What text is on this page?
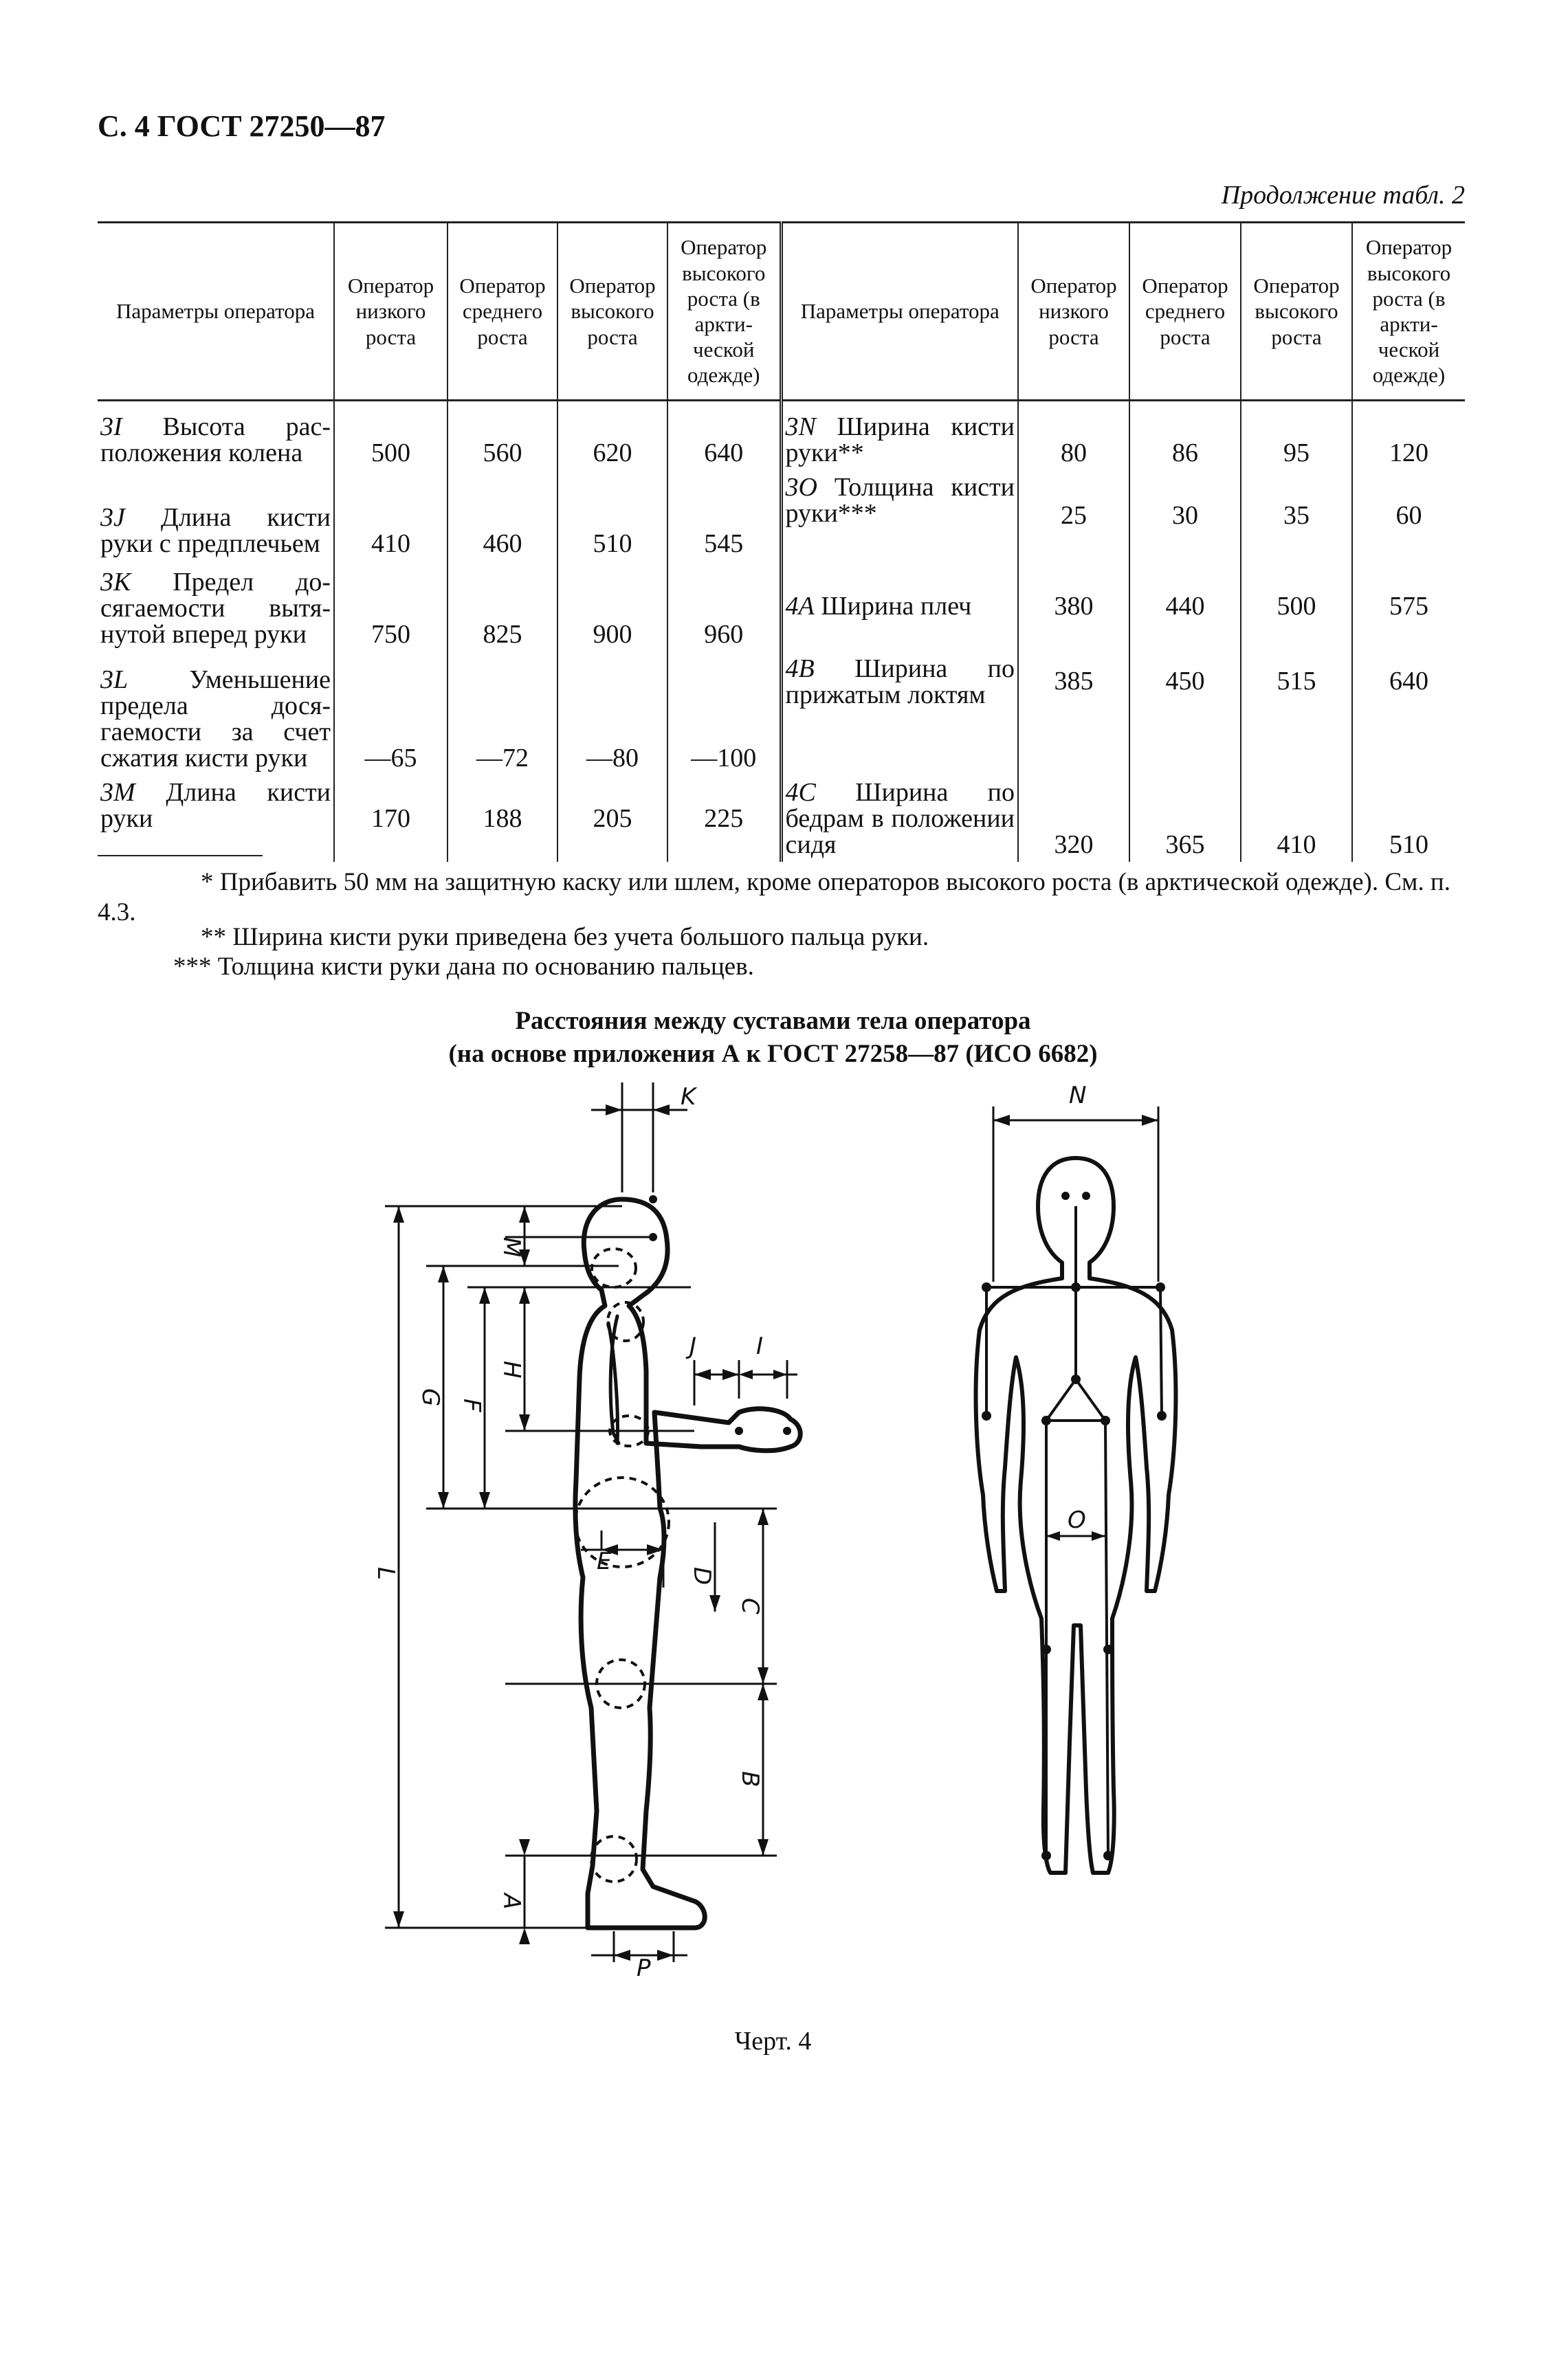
С. 4 ГОСТ 27250—87
Продолжение табл. 2
Параметры оператора	Оператор низкого роста	Оператор среднего роста	Оператор высокого роста	Оператор высокого роста (в аркти-ческой одежде)	Параметры оператора	Оператор низкого роста	Оператор среднего роста	Оператор высокого роста	Оператор высокого роста (в аркти-ческой одежде)
3I Высота расположения колена	500	560	620	640	3N Ширина кисти руки**	80	86	95	120
3J Длина кисти руки с предплечьем	410	460	510	545	3O Толщина кисти руки***	25	30	35	60
3K Предел досягаемости вытянутой вперед руки	750	825	900	960	4A Ширина плеч	380	440	500	575
3L Уменьшение предела досягаемости за счет сжатия кисти руки	—65	—72	—80	—100	4B Ширина по прижатым локтям	385	450	515	640
3M Длина кисти руки	170	188	205	225	4C Ширина по бедрам в положении сидя	320	365	410	510
* Прибавить 50 мм на защитную каску или шлем, кроме операторов высокого роста (в арктической одежде). См. п. 4.3.
** Ширина кисти руки приведена без учета большого пальца руки.
*** Толщина кисти руки дана по основанию пальцев.
Расстояния между суставами тела оператора
(на основе приложения А к ГОСТ 27258—87 (ИСО 6682)
K	N
J	I
O
E
P
M
G F
H
L	D
C
B
A
Черт. 4
